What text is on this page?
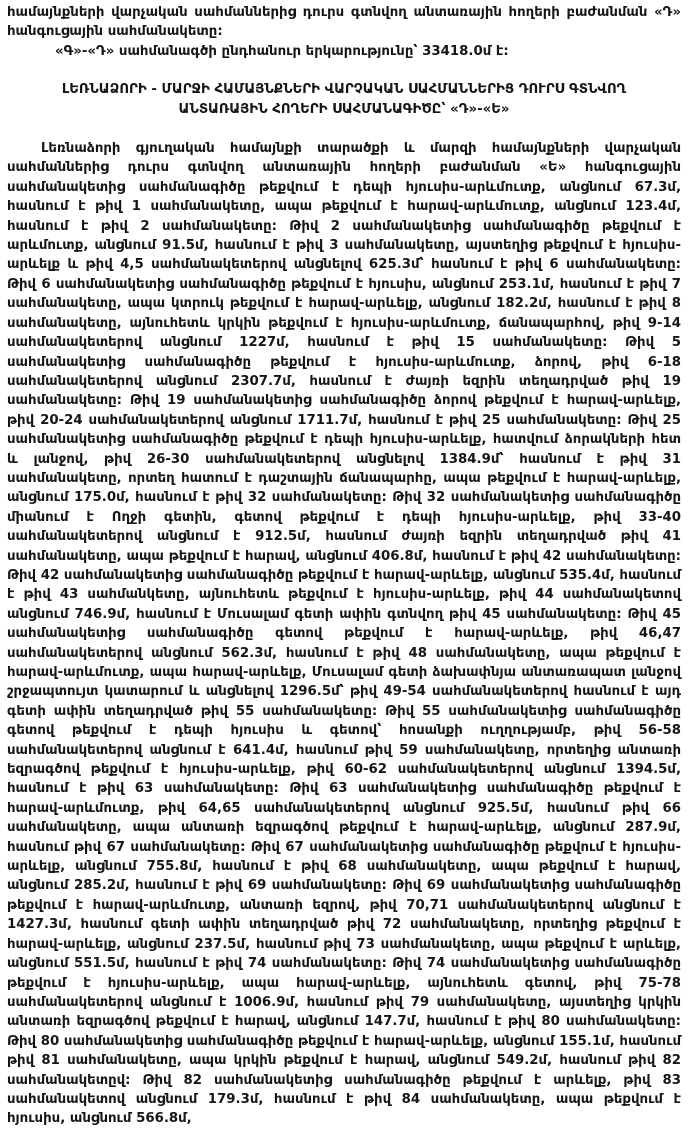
համայնքների վարչական սահմաններից դուրս գտնվող անտառային հողերի բաժանման «Դ» հանգուցային սահմանակետը:

«Գ»-«Դ» սահմանագծի ընդհանուր երկարությունը՝ 33418.0մ է:

ԼԵՌՆԱՁՈՐԻ - ՄԱՐՋԻ ՀԱՄԱՅՆՔՆԵՐԻ ՎԱՐՉԱԿԱՆ ՍԱՀՄԱՆՆԵՐԻՑ ԴՈՒՐՍ ԳՏՆՎՈՂ
ԱՆՏԱՌԱՅԻՆ ՀՈՂԵՐԻ ՍԱՀՄԱՆԱԳԻԾԸ՝ «Դ»-«Ե»

Լեռնաձորի գյուղական համայնքի տարածքի և մարզի համայնքների վարչական սահմաններից դուրս գտնվող անտառային հողերի բաժանման «Ե» հանգուցային սահմանակետից սահմանագիծը թեքվում է դեպի հյուսիս-արևմուտք, անցնում 67.3մ, հասնում է թիվ 1 սահմանակետը, ապա թեքվում է հարավ-արևմուտք, անցնում 123.4մ, հասնում է թիվ 2 սահմանակետը: Թիվ 2 սահմանակետից սահմանագիծը թեքվում է արևմուտք, անցնում 91.5մ, հասնում է թիվ 3 սահմանակետը, այստեղից թեքվում է հյուսիս-արևելք և թիվ 4,5 սահմանակետերով անցնելով 625.3մ՝ հասնում է թիվ 6 սահմանակետը: Թիվ 6 սահմանակետից սահմանագիծը թեքվում է հյուսիս, անցնում 253.1մ, հասնում է թիվ 7 սահմանակետը, ապա կտրուկ թեքվում է հարավ-արևելք, անցնում 182.2մ, հասնում է թիվ 8 սահմանակետը, այնուհետև կրկին թեքվում է հյուսիս-արևմուտք, ճանապարհով, թիվ 9-14 սահմանակետերով անցնում 1227մ, հասնում է թիվ 15 սահմանակետը: Թիվ 5 սահմանակետից սահմանագիծը թեքվում է հյուսիս-արևմուտք, ձորով, թիվ 6-18 սահմանակետերով անցնում 2307.7մ, հասնում է ժայռի եզրին տեղադրված թիվ 19 սահմանակետը: Թիվ 19 սահմանակետից սահմանագիծը ձորով թեքվում է հարավ-արևելք, թիվ 20-24 սահմանակետերով անցնում 1711.7մ, հասնում է թիվ 25 սահմանակետը: Թիվ 25 սահմանակետից սահմանագիծը թեքվում է դեպի հյուսիս-արևելք, հատվում ձորակների հետ և լանջով, թիվ 26-30 սահմանակետերով անցնելով 1384.9մ՝ հասնում է թիվ 31 սահմանակետը, որտեղ հատում է դաշտային ճանապարհը, ապա թեքվում է հարավ-արևելք, անցնում 175.0մ, հասնում է թիվ 32 սահմանակետը: Թիվ 32 սահմանակետից սահմանագիծը միանում է Ողջի գետին, գետով թեքվում է դեպի հյուսիս-արևելք, թիվ 33-40 սահմանակետերով անցնում է 912.5մ, հասնում ժայռի եզրին տեղադրված թիվ 41 սահմանակետը, ապա թեքվում է հարավ, անցնում 406.8մ, հասնում է թիվ 42 սահմանակետը: Թիվ 42 սահմանակետից սահմանագիծը թեքվում է հարավ-արևելք, անցնում 535.4մ, հասնում է թիվ 43 սահմանկետը, այնուհետև թեքվում է հյուսիս-արևելք, թիվ 44 սահմանակետով անցնում 746.9մ, հասնում է Մուսալամ գետի ափին գտնվող թիվ 45 սահմանակետը: Թիվ 45 սահմանակետից սահմանագիծը գետով թեքվում է հարավ-արևելք, թիվ 46,47 սահմանակետերով անցնում 562.3մ, հասնում է թիվ 48 սահմանակետը, ապա թեքվում է հարավ-արևմուտք, ապա հարավ-արևելք, Մուսալամ գետի ձախափնյա անտառապատ լանջով շրջապտույտ կատարում և անցնելով 1296.5մ՝ թիվ 49-54 սահմանակետերով հասնում է այդ գետի ափին տեղադրված թիվ 55 սահմանակետը: Թիվ 55 սահմանակետից սահմանագիծը գետով թեքվում է դեպի հյուսիս և գետով՝ հոսանքի ուղղությամբ, թիվ 56-58 սահմանակետերով անցնում է 641.4մ, հասնում թիվ 59 սահմանակետը, որտեղից անտառի եզրագծով թեքվում է հյուսիս-արևելք, թիվ 60-62 սահմանակետերով անցնում 1394.5մ, հասնում է թիվ 63 սահմանակետը: Թիվ 63 սահմանակետից սահմանագիծը թեքվում է հարավ-արևմուտք, թիվ 64,65 սահմանակետերով անցնում 925.5մ, հասնում թիվ 66 սահմանակետը, ապա անտառի եզրագծով թեքվում է հարավ-արևելք, անցնում 287.9մ, հասնում թիվ 67 սահմանակետը: Թիվ 67 սահմանակետից սահմանագիծը թեքվում է հյուսիս-արևելք, անցնում 755.8մ, հասնում է թիվ 68 սահմանակետը, ապա թեքվում է հարավ, անցնում 285.2մ, հասնում է թիվ 69 սահմանակետը: Թիվ 69 սահմանակետից սահմանագիծը թեքվում է հարավ-արևմուտք, անտառի եզրով, թիվ 70,71 սահմանակետերով անցնում է 1427.3մ, հասնում գետի ափին տեղադրված թիվ 72 սահմանակետը, որտեղից թեքվում է հարավ-արևելք, անցնում 237.5մ, հասնում թիվ 73 սահմանակետը, ապա թեքվում է արևելք, անցնում 551.5մ, հասնում է թիվ 74 սահմանակետը: Թիվ 74 սահմանակետից սահմանագիծը թեքվում է հյուսիս-արևելք, ապա հարավ-արևելք, այնուհետև գետով, թիվ 75-78 սահմանակետերով անցնում է 1006.9մ, հասնում թիվ 79 սահմանակետը, այստեղից կրկին անտառի եզրագծով թեքվում է հարավ, անցնում 147.7մ, հասնում է թիվ 80 սահմանակետը: Թիվ 80 սահմանակետից սահմանագիծը թեքվում է հարավ-արևելք, անցնում 155.1մ, հասնում թիվ 81 սահմանակետը, ապա կրկին թեքվում է հարավ, անցնում 549.2մ, հասնում թիվ 82 սահմանակետըվ: Թիվ 82 սահմանակետից սահմանագիծը թեքվում է արևելք, թիվ 83 սահմանակետով անցնում 179.3մ, հասնում է թիվ 84 սահմանակետը, ապա թեքվում է հյուսիս, անցնում 566.8մ,
